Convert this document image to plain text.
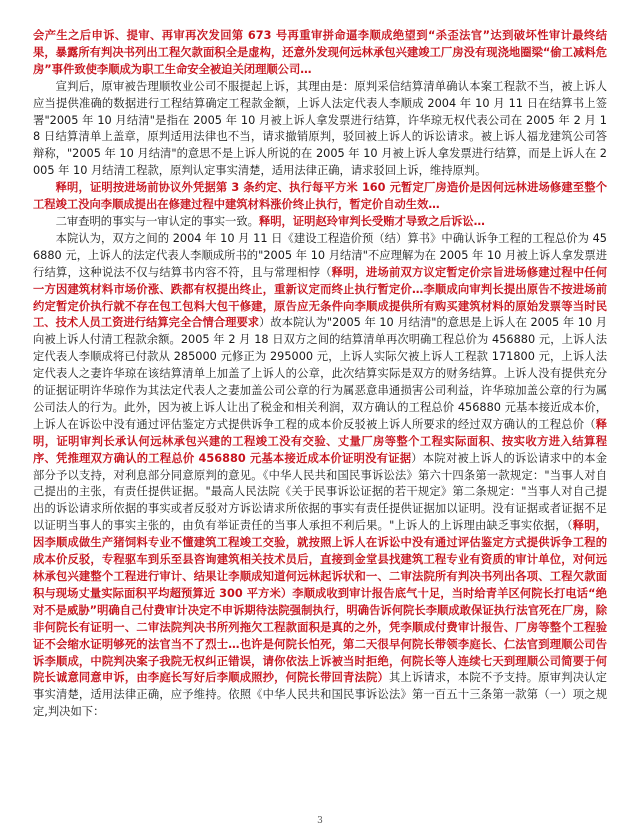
会产生之后申诉、提审、再审再次发回第 673 号再重审拼命逼李顺成绝望到“杀歪法官”达到破坏性审计最终结果，暴露所有判决书列出工程欠款面积全是虚构，还意外发现何远林承包兴建竣工厂房没有现浇地圈梁“偷工减料危房”事件致使李顺成为职工生命安全被迫关闭理顺公司…

宣判后，原审被告理顺牧业公司不服提起上诉，其理由是：原判采信结算清单确认本案工程款不当，被上诉人应当提供准确的数据进行工程结算确定工程款金额，上诉人法定代表人李顺成 2004 年 10 月 11 日在结算书上签署"2005 年 10 月结清"是指在 2005 年 10 月被上诉人拿发票进行结算，许华琼无权代表公司在 2005 年 2 月 18 日结算清单上盖章，原判适用法律也不当，请求撤销原判，驳回被上诉人的诉讼请求。被上诉人福龙建筑公司答辩称，"2005 年 10 月结清"的意思不是上诉人所说的在 2005 年 10 月被上诉人拿发票进行结算，而是上诉人在 2005 年 10 月结清工程款，原判认定事实清楚，适用法律正确，请求驳回上诉，维持原判。

释明，证明按进场前协议外凭据第 3 条约定、执行每平方米 160 元暂定厂房造价是因何远林进场修建至整个工程竣工没向李顺成提出在修建过程中建筑材料涨价终止执行，暂定价自动生效…

二审查明的事实与一审认定的事实一致。释明，证明赵玲审判长受贿才导致之后诉讼…

本院认为，双方之间的 2004 年 10 月 11 日《建设工程造价预（结）算书》中确认诉争工程的工程总价为 456880 元，上诉人的法定代表人李顺成所书的"2005 年 10 月结清"不应理解为在 2005 年 10 月被上诉人拿发票进行结算，这种说法不仅与结算书内容不符，且与常理相悖（释明，进场前双方议定暂定价宗旨进场修建过程中任何一方因建筑材料市场价涨、跌都有权提出终止，重新议定而终止执行暂定价…李顺成向审判长提出原告不按进场前约定暂定价执行就不存在包工包料大包干修建，原告应无条件向李顺成提供所有购买建筑材料的原始发票等当时民工、技术人员工资进行结算完全合情合理要求）故本院认为"2005 年 10 月结清"的意思是上诉人在 2005 年 10 月向被上诉人付清工程款余额。2005 年 2 月 18 日双方之间的结算清单再次明确工程总价为 456880 元，上诉人法定代表人李顺成将已付款从 285000 元修正为 295000 元，上诉人实际欠被上诉人工程款 171800 元，上诉人法定代表人之妻许华琼在该结算清单上加盖了上诉人的公章，此次结算实际是双方的财务结算。上诉人没有提供充分的证据证明许华琼作为其法定代表人之妻加盖公司公章的行为属恶意串通损害公司利益，许华琼加盖公章的行为属公司法人的行为。此外，因为被上诉人让出了税金和相关利润，双方确认的工程总价 456880 元基本接近成本价，上诉人在诉讼中没有通过评估鉴定方式提供诉争工程的成本价反驳被上诉人所要求的经过双方确认的工程总价（释明，证明审判长承认何远林承包兴建的工程竣工没有交验、丈量厂房等整个工程实际面积、按实收方进入结算程序、凭推理双方确认的工程总价 456880 元基本接近成本价证明没有证据）本院对被上诉人的诉讼请求中的本金部分予以支持，对利息部分同意原判的意见。《中华人民共和国民事诉讼法》第六十四条第一款规定："当事人对自己提出的主张，有责任提供证据。"最高人民法院《关于民事诉讼证据的若干规定》第二条规定："当事人对自己提出的诉讼请求所依据的事实或者反驳对方诉讼请求所依据的事实有责任提供证据加以证明。没有证据或者证据不足以证明当事人的事实主张的，由负有举证责任的当事人承担不利后果。"上诉人的上诉理由缺乏事实依据，（释明，因李顺成做生产猪饲料专业不懂建筑工程竣工交验，就按照上诉人在诉讼中没有通过评估鉴定方式提供诉争工程的成本价反驳，专程驱车到乐至县咨询建筑相关技术员后，直接到金堂县找建筑工程专业有资质的审计单位，对何远林承包兴建整个工程进行审计、结果让李顺成知道何远林起诉状和一、二审法院所有判决书列出各项、工程欠款面积与现场丈量实际面积平均超预算近 300 平方米）李顺成收到审计报告底气十足，当时给青羊区何院长打电话“绝对不是威胁”明确自己付费审计决定不申诉期待法院强制执行，明确告诉何院长李顺成敢保证执行法官死在厂房，除非何院长有证明一、二审法院判决书所列拖欠工程款面积是真的之外，凭李顺成付费审计报告、厂房等整个工程验证不会缩水证明够死的法官当不了烈士…也许是何院长怕死，第二天很早何院长带领李庭长、仁法官到理顺公司告诉李顺成，中院判决案子我院无权纠正错误，请你依法上诉被当时拒绝，何院长等人连续七天到理顺公司简要于何院长诚意同意申诉，由李庭长写好后李顺成照抄，何院长带回青法院）其上诉请求，本院不予支持。原审判决认定事实清楚，适用法律正确，应予维持。依照《中华人民共和国民事诉讼法》第一百五十三条第一款第（一）项之规定,判决如下：

3
